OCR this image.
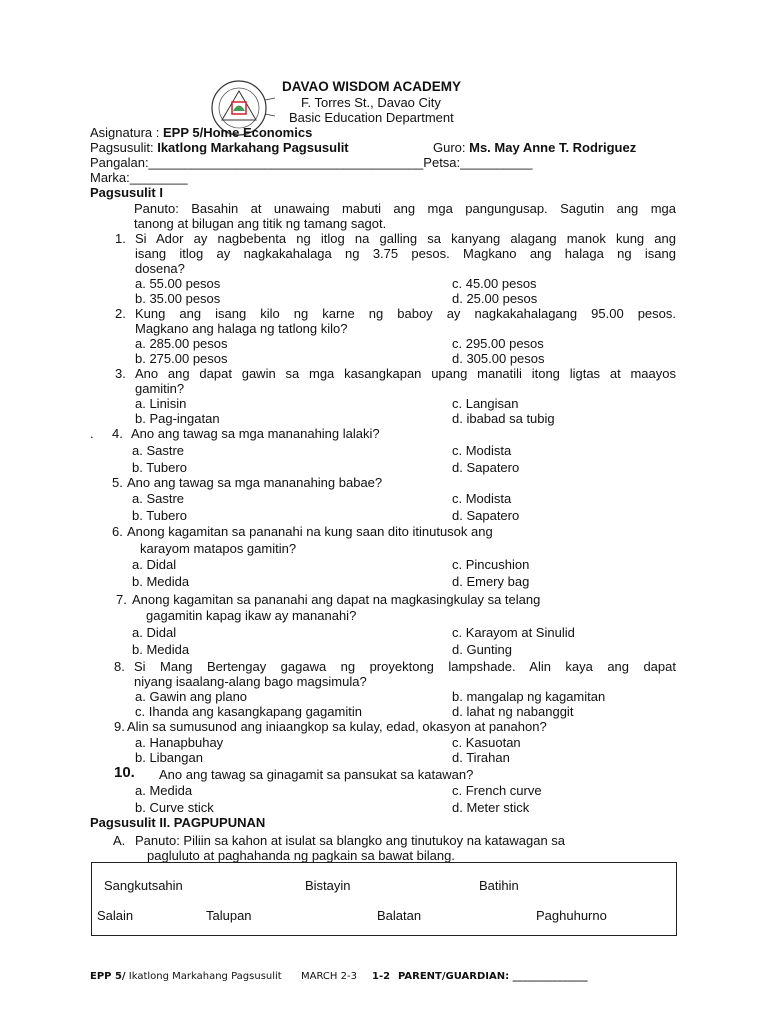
DAVAO WISDOM ACADEMY
F. Torres St., Davao City
Basic Education Department
Asignatura : EPP 5/Home Economics
Pagsusulit: Ikatlong Markahang Pagsusulit	Guro: Ms. May Anne T. Rodriguez
Pangalan:______________________________________Petsa:__________
Marka:________
Pagsusulit I
Panuto: Basahin at unawaing mabuti ang mga pangungusap. Sagutin ang mga
tanong at bilugan ang titik ng tamang sagot.
1. Si Ador ay nagbebenta ng itlog na galling sa kanyang alagang manok kung ang
isang itlog ay nagkakahalaga ng 3.75 pesos. Magkano ang halaga ng isang
dosena?
a. 55.00 pesos	c. 45.00 pesos
b. 35.00 pesos	d. 25.00 pesos
2. Kung ang isang kilo ng karne ng baboy ay nagkakahalagang 95.00 pesos.
Magkano ang halaga ng tatlong kilo?
a. 285.00 pesos	c. 295.00 pesos
b. 275.00 pesos	d. 305.00 pesos
3. Ano ang dapat gawin sa mga kasangkapan upang manatili itong ligtas at maayos
gamitin?
a. Linisin	c. Langisan
b. Pag-ingatan	d. ibabad sa tubig
. 4. Ano ang tawag sa mga mananahing lalaki?
a. Sastre	c. Modista
b. Tubero	d. Sapatero
5. Ano ang tawag sa mga mananahing babae?
a. Sastre	c. Modista
b. Tubero	d. Sapatero
6. Anong kagamitan sa pananahi na kung saan dito itinutusok ang
karayom matapos gamitin?
a. Didal	c. Pincushion
b. Medida	d. Emery bag
7. Anong kagamitan sa pananahi ang dapat na magkasingkulay sa telang
gagamitin kapag ikaw ay mananahi?
a. Didal	c. Karayom at Sinulid
b. Medida	d. Gunting
8. Si Mang Bertengay gagawa ng proyektong lampshade. Alin kaya ang dapat
niyang isaalang-alang bago magsimula?
a. Gawin ang plano	b. mangalap ng kagamitan
c. Ihanda ang kasangkapang gagamitin	d. lahat ng nabanggit
9. Alin sa sumusunod ang iniaangkop sa kulay, edad, okasyon at panahon?
a. Hanapbuhay	c. Kasuotan
b. Libangan	d. Tirahan
10. Ano ang tawag sa ginagamit sa pansukat sa katawan?
a. Medida	c. French curve
b. Curve stick	d. Meter stick
Pagsusulit II. PAGPUPUNAN
A. Panuto: Piliin sa kahon at isulat sa blangko ang tinutukoy na katawagan sa
pagluluto at paghahanda ng pagkain sa bawat bilang.
Sangkutsahin	Bistayin	Batihin
Salain	Talupan	Balatan	Paghuhurno
EPP 5/ Ikatlong Markahang Pagsusulit MARCH 2-3 1-2 PARENT/GUARDIAN: _______________
